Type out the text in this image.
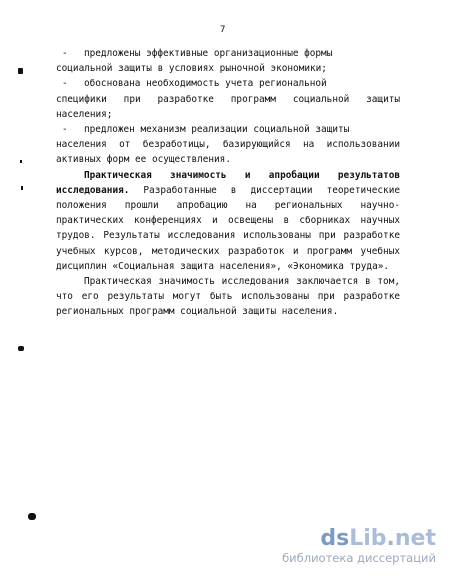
7

- предложены эффективные организационные формы
социальной защиты в условиях рыночной экономики;

- обоснована необходимость учета региональной
специфики при разработке программ социальной защиты населения;

- предложен механизм реализации социальной защиты
населения от безработицы, базирующийся на использовании активных форм ее осуществления.

Практическая значимость и апробации результатов исследования. Разработанные в диссертации теоретические положения прошли апробацию на региональных научно-практических конференциях и освещены в сборниках научных трудов. Результаты исследования использованы при разработке учебных курсов, методических разработок и программ учебных дисциплин «Социальная защита населения», «Экономика труда».

Практическая значимость исследования заключается в том, что его результаты могут быть использованы при разработке региональных программ социальной защиты населения.

dsLib.net
библиотека диссертаций
